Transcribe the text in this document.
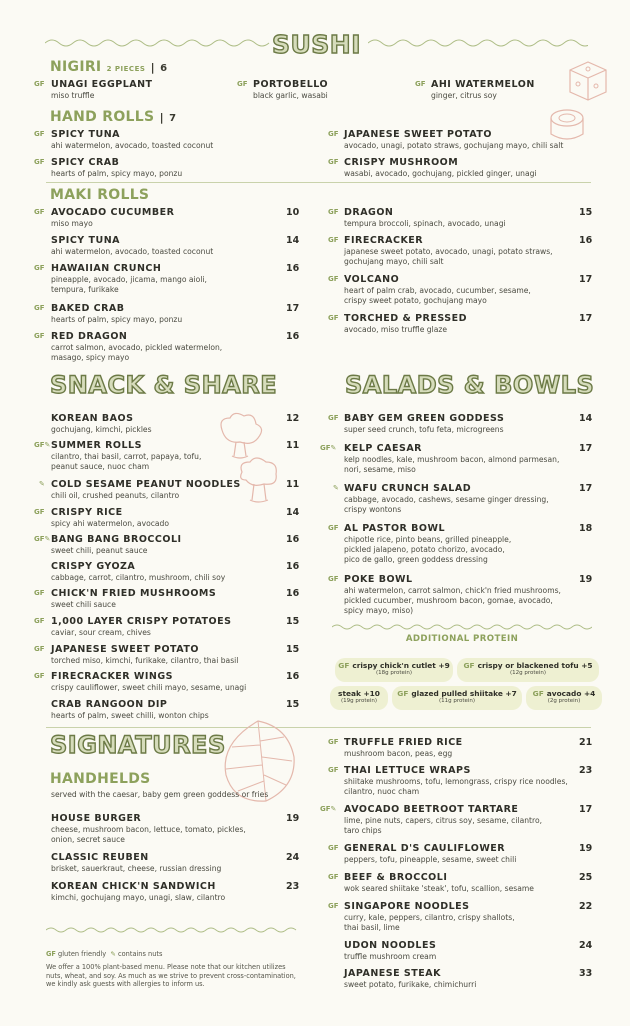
SUSHI
NIGIRI 2 PIECES | 6
GF UNAGI EGGPLANT
miso truffle
GF PORTOBELLO
black garlic, wasabi
GF AHI WATERMELON
ginger, citrus soy
HAND ROLLS | 7
GF SPICY TUNA
ahi watermelon, avocado, toasted coconut
GF SPICY CRAB
hearts of palm, spicy mayo, ponzu
GF JAPANESE SWEET POTATO
avocado, unagi, potato straws, gochujang mayo, chili salt
GF CRISPY MUSHROOM
wasabi, avocado, gochujang, pickled ginger, unagi
MAKI ROLLS
GF AVOCADO CUCUMBER
miso mayo
10
SPICY TUNA
ahi watermelon, avocado, toasted coconut
14
GF HAWAIIAN CRUNCH
pineapple, avocado, jicama, mango aioli,
tempura, furikake
16
GF BAKED CRAB
hearts of palm, spicy mayo, ponzu
17
GF RED DRAGON
carrot salmon, avocado, pickled watermelon,
masago, spicy mayo
16
GF DRAGON
tempura broccoli, spinach, avocado, unagi
15
GF FIRECRACKER
japanese sweet potato, avocado, unagi, potato straws,
gochujang mayo, chili salt
16
GF VOLCANO
heart of palm crab, avocado, cucumber, sesame,
crispy sweet potato, gochujang mayo
17
GF TORCHED & PRESSED
avocado, miso truffle glaze
17
SNACK & SHARE	SALADS & BOWLS
KOREAN BAOS
gochujang, kimchi, pickles
12
GF✎ SUMMER ROLLS
cilantro, thai basil, carrot, papaya, tofu,
peanut sauce, nuoc cham
11
✎ COLD SESAME PEANUT NOODLES
chili oil, crushed peanuts, cilantro
11
GF CRISPY RICE
spicy ahi watermelon, avocado
14
GF✎ BANG BANG BROCCOLI
sweet chili, peanut sauce
16
CRISPY GYOZA
cabbage, carrot, cilantro, mushroom, chili soy
16
GF CHICK'N FRIED MUSHROOMS
sweet chili sauce
16
GF 1,000 LAYER CRISPY POTATOES
caviar, sour cream, chives
15
GF JAPANESE SWEET POTATO
torched miso, kimchi, furikake, cilantro, thai basil
15
GF FIRECRACKER WINGS
crispy cauliflower, sweet chili mayo, sesame, unagi
16
CRAB RANGOON DIP
hearts of palm, sweet chilli, wonton chips
15
GF BABY GEM GREEN GODDESS
super seed crunch, tofu feta, microgreens
14
GF✎ KELP CAESAR
kelp noodles, kale, mushroom bacon, almond parmesan,
nori, sesame, miso
17
✎ WAFU CRUNCH SALAD
cabbage, avocado, cashews, sesame ginger dressing,
crispy wontons
17
GF AL PASTOR BOWL
chipotle rice, pinto beans, grilled pineapple,
pickled jalapeno, potato chorizo, avocado,
pico de gallo, green goddess dressing
18
GF POKE BOWL
ahi watermelon, carrot salmon, chick'n fried mushrooms,
pickled cucumber, mushroom bacon, gomae, avocado,
spicy mayo, miso)
19
ADDITIONAL PROTEIN
GF crispy chick'n cutlet +9
(18g protein)
GF crispy or blackened tofu +5
(12g protein)
steak +10
(19g protein)
GF glazed pulled shiitake +7
(11g protein)
GF avocado +4
(2g protein)
SIGNATURES
HANDHELDS
served with the caesar, baby gem green goddess or fries
HOUSE BURGER
cheese, mushroom bacon, lettuce, tomato, pickles,
onion, secret sauce
19
CLASSIC REUBEN
brisket, sauerkraut, cheese, russian dressing
24
KOREAN CHICK'N SANDWICH
kimchi, gochujang mayo, unagi, slaw, cilantro
23
GF TRUFFLE FRIED RICE
mushroom bacon, peas, egg
21
GF THAI LETTUCE WRAPS
shiitake mushrooms, tofu, lemongrass, crispy rice noodles,
cilantro, nuoc cham
23
GF✎ AVOCADO BEETROOT TARTARE
lime, pine nuts, capers, citrus soy, sesame, cilantro,
taro chips
17
GF GENERAL D'S CAULIFLOWER
peppers, tofu, pineapple, sesame, sweet chili
19
GF BEEF & BROCCOLI
wok seared shiitake 'steak', tofu, scallion, sesame
25
GF SINGAPORE NOODLES
curry, kale, peppers, cilantro, crispy shallots,
thai basil, lime
22
UDON NOODLES
truffle mushroom cream
24
JAPANESE STEAK
sweet potato, furikake, chimichurri
33
GF gluten friendly ✎ contains nuts
We offer a 100% plant-based menu. Please note that our kitchen utilizes
nuts, wheat, and soy. As much as we strive to prevent cross-contamination,
we kindly ask guests with allergies to inform us.
